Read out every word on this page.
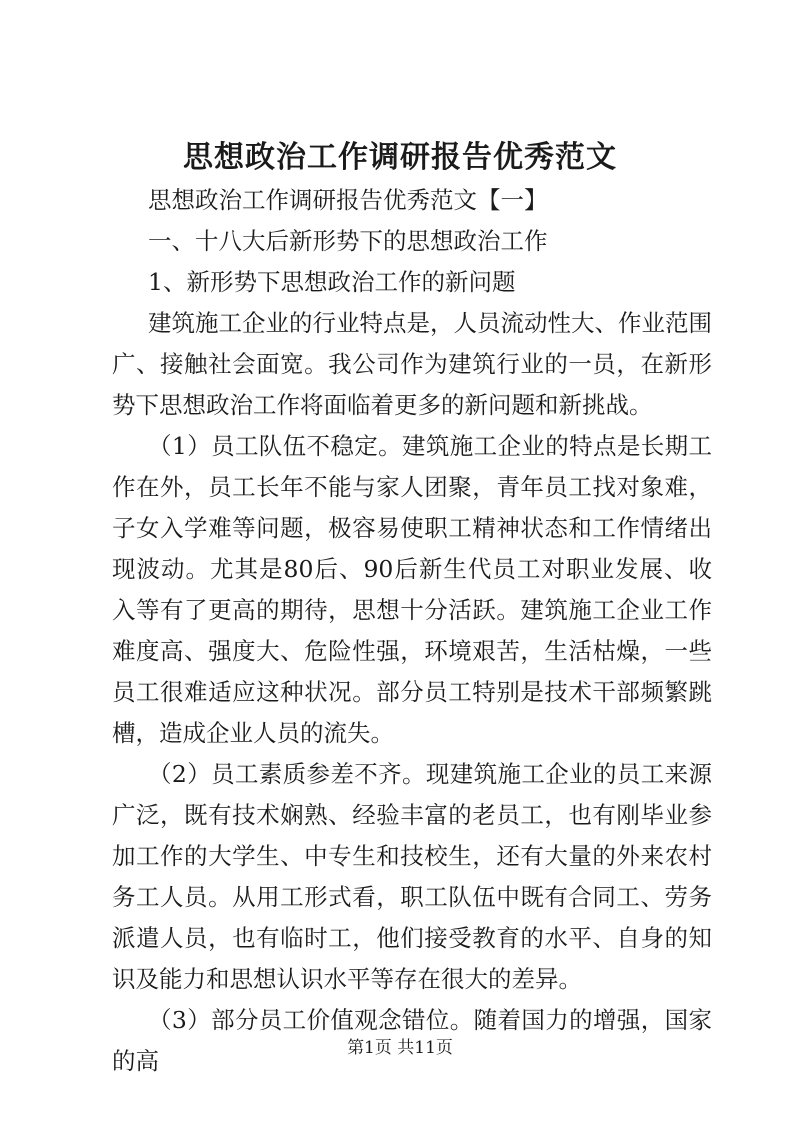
思想政治工作调研报告优秀范文

思想政治工作调研报告优秀范文【一】

一、十八大后新形势下的思想政治工作

1、新形势下思想政治工作的新问题

建筑施工企业的行业特点是，人员流动性大、作业范围广、接触社会面宽。我公司作为建筑行业的一员，在新形势下思想政治工作将面临着更多的新问题和新挑战。

（1）员工队伍不稳定。建筑施工企业的特点是长期工作在外，员工长年不能与家人团聚，青年员工找对象难，子女入学难等问题，极容易使职工精神状态和工作情绪出现波动。尤其是80后、90后新生代员工对职业发展、收入等有了更高的期待，思想十分活跃。建筑施工企业工作难度高、强度大、危险性强，环境艰苦，生活枯燥，一些员工很难适应这种状况。部分员工特别是技术干部频繁跳槽，造成企业人员的流失。

（2）员工素质参差不齐。现建筑施工企业的员工来源广泛，既有技术娴熟、经验丰富的老员工，也有刚毕业参加工作的大学生、中专生和技校生，还有大量的外来农村务工人员。从用工形式看，职工队伍中既有合同工、劳务派遣人员，也有临时工，他们接受教育的水平、自身的知识及能力和思想认识水平等存在很大的差异。

（3）部分员工价值观念错位。随着国力的增强，国家的高	第1页 共11页
